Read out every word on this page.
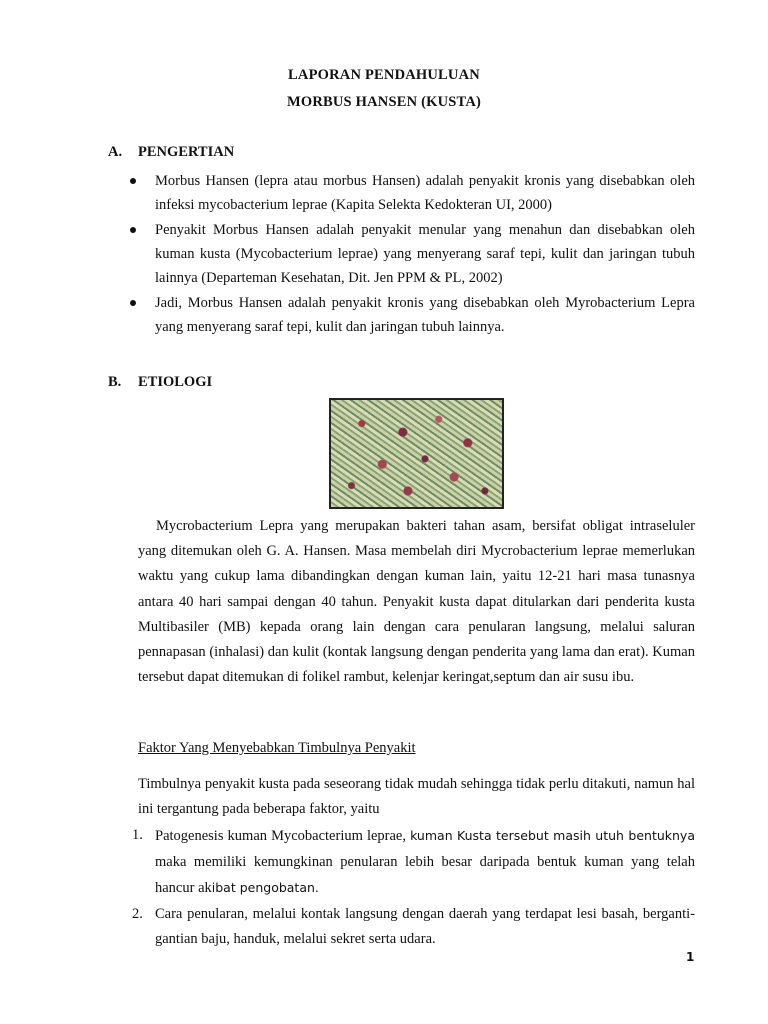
LAPORAN PENDAHULUAN
MORBUS HANSEN (KUSTA)
A. PENGERTIAN
Morbus Hansen (lepra atau morbus Hansen) adalah penyakit kronis yang disebabkan oleh infeksi mycobacterium leprae (Kapita Selekta Kedokteran UI, 2000)
Penyakit Morbus Hansen adalah penyakit menular yang menahun dan disebabkan oleh kuman kusta (Mycobacterium leprae) yang menyerang saraf tepi, kulit dan jaringan tubuh lainnya (Departeman Kesehatan, Dit. Jen PPM & PL, 2002)
Jadi, Morbus Hansen adalah penyakit kronis yang disebabkan oleh Myrobacterium Lepra yang menyerang saraf tepi, kulit dan jaringan tubuh lainnya.
B. ETIOLOGI

Mycrobacterium Lepra yang merupakan bakteri tahan asam, bersifat obligat intraseluler yang ditemukan oleh G. A. Hansen. Masa membelah diri Mycrobacterium leprae memerlukan waktu yang cukup lama dibandingkan dengan kuman lain, yaitu 12-21 hari masa tunasnya antara 40 hari sampai dengan 40 tahun. Penyakit kusta dapat ditularkan dari penderita kusta Multibasiler (MB) kepada orang lain dengan cara penularan langsung, melalui saluran pennapasan (inhalasi) dan kulit (kontak langsung dengan penderita yang lama dan erat). Kuman tersebut dapat ditemukan di folikel rambut, kelenjar keringat,septum dan air susu ibu.

Faktor Yang Menyebabkan Timbulnya Penyakit

Timbulnya penyakit kusta pada seseorang tidak mudah sehingga tidak perlu ditakuti, namun hal ini tergantung pada beberapa faktor, yaitu

1. Patogenesis kuman Mycobacterium leprae, kuman Kusta tersebut masih utuh bentuknya maka memiliki kemungkinan penularan lebih besar daripada bentuk kuman yang telah hancur akibat pengobatan.
2. Cara penularan, melalui kontak langsung dengan daerah yang terdapat lesi basah, berganti-gantian baju, handuk, melalui sekret serta udara.
1
